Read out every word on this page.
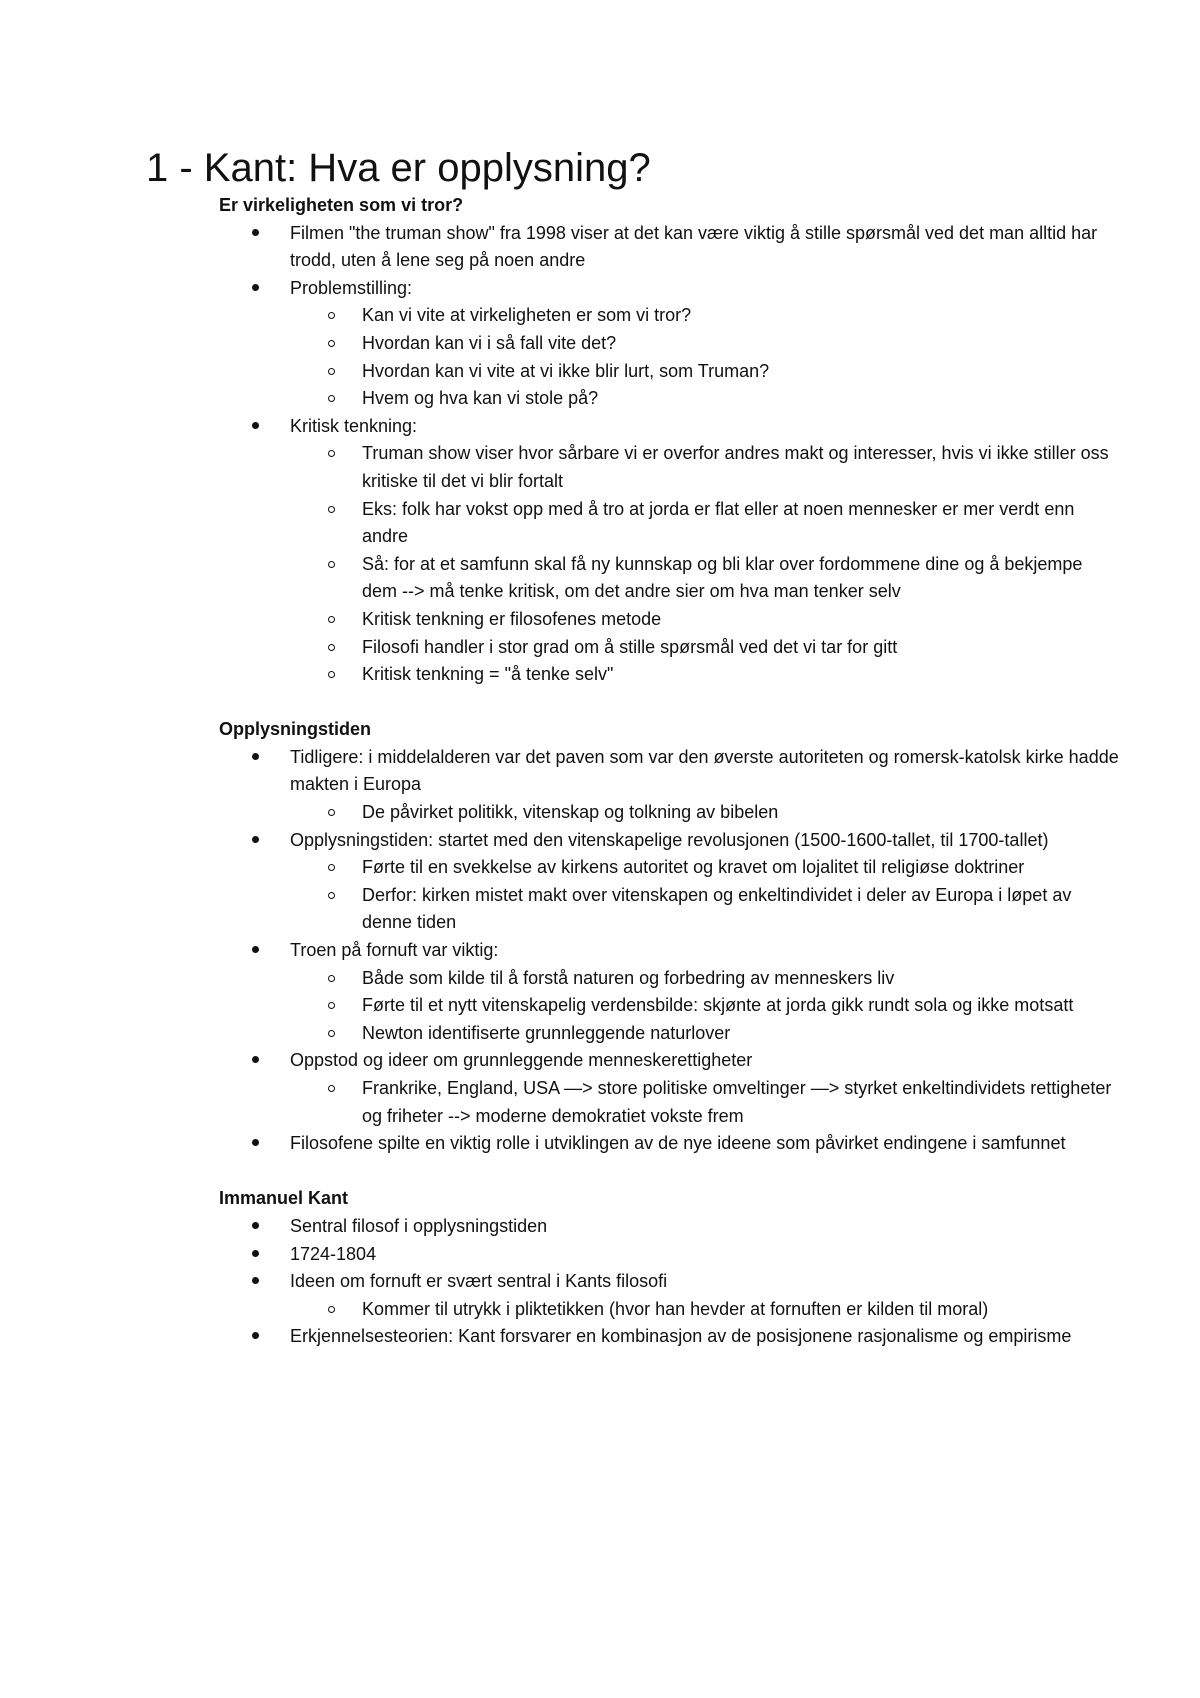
1 - Kant: Hva er opplysning?

Er virkeligheten som vi tror?

Filmen "the truman show" fra 1998 viser at det kan være viktig å stille spørsmål ved det man alltid har trodd, uten å lene seg på noen andre
Problemstilling:
Kan vi vite at virkeligheten er som vi tror?
Hvordan kan vi i så fall vite det?
Hvordan kan vi vite at vi ikke blir lurt, som Truman?
Hvem og hva kan vi stole på?
Kritisk tenkning:
Truman show viser hvor sårbare vi er overfor andres makt og interesser, hvis vi ikke stiller oss kritiske til det vi blir fortalt
Eks: folk har vokst opp med å tro at jorda er flat eller at noen mennesker er mer verdt enn andre
Så: for at et samfunn skal få ny kunnskap og bli klar over fordommene dine og å bekjempe dem --> må tenke kritisk, om det andre sier om hva man tenker selv
Kritisk tenkning er filosofenes metode
Filosofi handler i stor grad om å stille spørsmål ved det vi tar for gitt
Kritisk tenkning = "å tenke selv"

Opplysningstiden

Tidligere: i middelalderen var det paven som var den øverste autoriteten og romersk-katolsk kirke hadde makten i Europa
De påvirket politikk, vitenskap og tolkning av bibelen
Opplysningstiden: startet med den vitenskapelige revolusjonen (1500-1600-tallet, til 1700-tallet)
Førte til en svekkelse av kirkens autoritet og kravet om lojalitet til religiøse doktriner
Derfor: kirken mistet makt over vitenskapen og enkeltindividet i deler av Europa i løpet av denne tiden
Troen på fornuft var viktig:
Både som kilde til å forstå naturen og forbedring av menneskers liv
Førte til et nytt vitenskapelig verdensbilde: skjønte at jorda gikk rundt sola og ikke motsatt
Newton identifiserte grunnleggende naturlover
Oppstod og ideer om grunnleggende menneskerettigheter
Frankrike, England, USA —> store politiske omveltinger —> styrket enkeltindividets rettigheter og friheter --> moderne demokratiet vokste frem
Filosofene spilte en viktig rolle i utviklingen av de nye ideene som påvirket endingene i samfunnet

Immanuel Kant

Sentral filosof i opplysningstiden
1724-1804
Ideen om fornuft er svært sentral i Kants filosofi
Kommer til utrykk i pliktetikken (hvor han hevder at fornuften er kilden til moral)
Erkjennelsesteorien: Kant forsvarer en kombinasjon av de posisjonene rasjonalisme og empirisme
